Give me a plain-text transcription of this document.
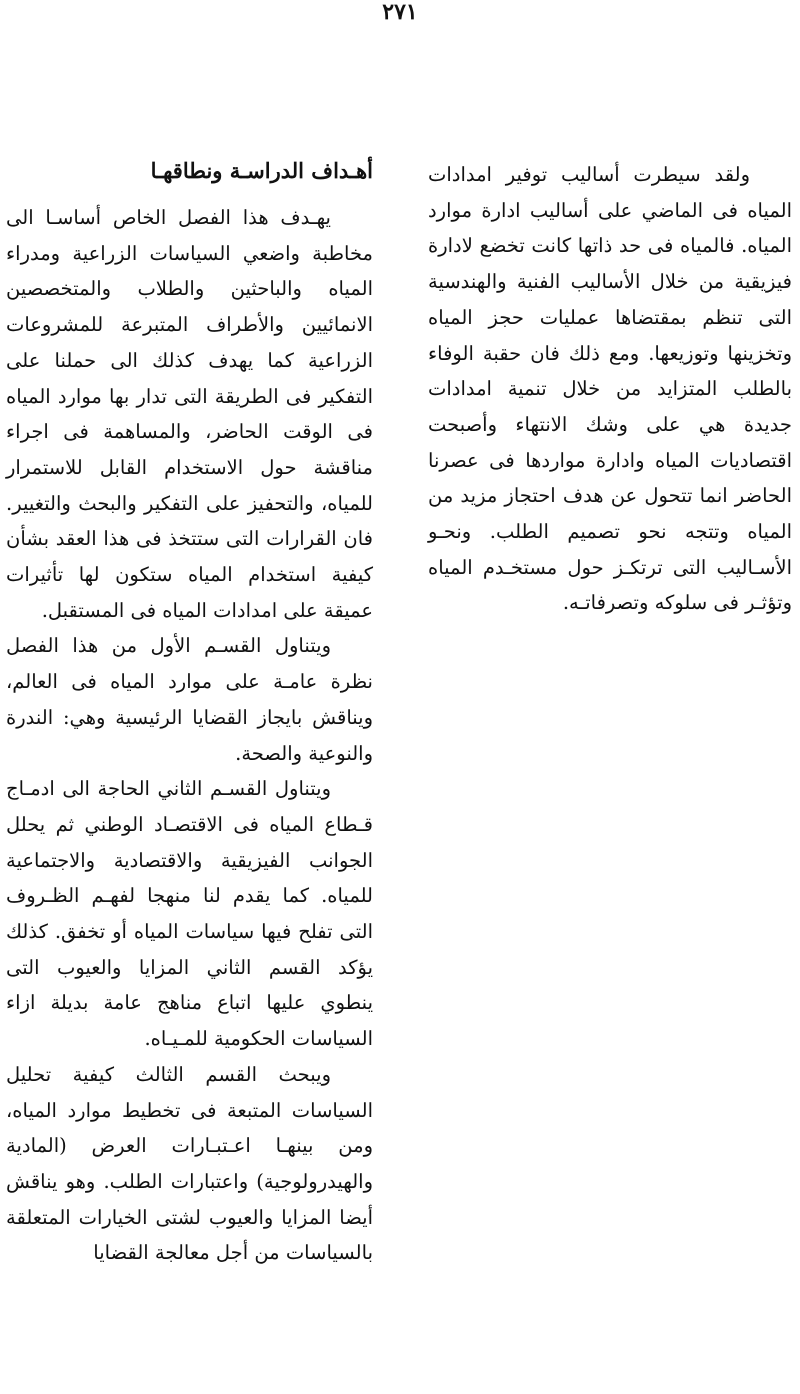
٢٧١

ولقد سيطرت أساليب توفير امدادات المياه فى الماضي على أساليب ادارة موارد المياه. فالمياه فى حد ذاتها كانت تخضع لادارة فيزيقية من خلال الأساليب الفنية والهندسية التى تنظم بمقتضاها عمليات حجز المياه وتخزينها وتوزيعها. ومع ذلك فان حقبة الوفاء بالطلب المتزايد من خلال تنمية امدادات جديدة هي على وشك الانتهاء وأصبحت اقتصاديات المياه وادارة مواردها فى عصرنا الحاضر انما تتحول عن هدف احتجاز مزيد من المياه وتتجه نحو تصميم الطلب. ونحـو الأسـاليب التى ترتكـز حول مستخـدم المياه وتؤثـر فى سلوكه وتصرفاتـه.

أهـداف الدراسـة ونطاقهـا

يهـدف هذا الفصل الخاص أساسـا الى مخاطبة واضعي السياسات الزراعية ومدراء المياه والباحثين والطلاب والمتخصصين الانمائيين والأطراف المتبرعة للمشروعات الزراعية كما يهدف كذلك الى حملنا على التفكير فى الطريقة التى تدار بها موارد المياه فى الوقت الحاضر، والمساهمة فى اجراء مناقشة حول الاستخدام القابل للاستمرار للمياه، والتحفيز على التفكير والبحث والتغيير. فان القرارات التى ستتخذ فى هذا العقد بشأن كيفية استخدام المياه ستكون لها تأثيرات عميقة على امدادات المياه فى المستقبل.

ويتناول القسـم الأول من هذا الفصل نظرة عامـة على موارد المياه فى العالم، ويناقش بايجاز القضايا الرئيسية وهي: الندرة والنوعية والصحة.

ويتناول القسـم الثاني الحاجة الى ادمـاج قـطاع المياه فى الاقتصـاد الوطني ثم يحلل الجوانب الفيزيقية والاقتصادية والاجتماعية للمياه. كما يقدم لنا منهجا لفهـم الظـروف التى تفلح فيها سياسات المياه أو تخفق. كذلك يؤكد القسم الثاني المزايا والعيوب التى ينطوي عليها اتباع مناهج عامة بديلة ازاء السياسات الحكومية للمـيـاه.

ويبحث القسم الثالث كيفية تحليل السياسات المتبعة فى تخطيط موارد المياه، ومن بينهـا اعـتبـارات العرض (المادية والهيدرولوجية) واعتبارات الطلب. وهو يناقش أيضا المزايا والعيوب لشتى الخيارات المتعلقة بالسياسات من أجل معالجة القضايا
